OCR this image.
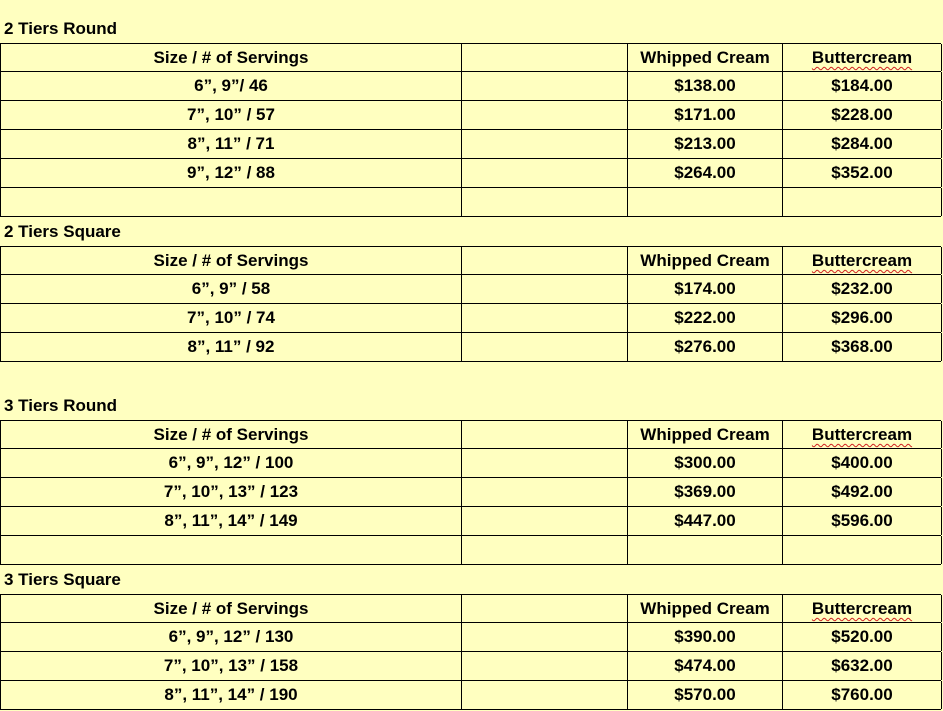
2 Tiers Round
Size / # of Servings	Whipped Cream	Buttercream
6”, 9”/ 46	$138.00	$184.00
7”, 10” / 57	$171.00	$228.00
8”, 11” / 71	$213.00	$284.00
9”, 12” / 88	$264.00	$352.00
2 Tiers Square
Size / # of Servings	Whipped Cream	Buttercream
6”, 9” / 58	$174.00	$232.00
7”, 10” / 74	$222.00	$296.00
8”, 11” / 92	$276.00	$368.00
3 Tiers Round
Size / # of Servings	Whipped Cream	Buttercream
6”, 9”, 12” / 100	$300.00	$400.00
7”, 10”, 13” / 123	$369.00	$492.00
8”, 11”, 14” / 149	$447.00	$596.00
3 Tiers Square
Size / # of Servings	Whipped Cream	Buttercream
6”, 9”, 12” / 130	$390.00	$520.00
7”, 10”, 13” / 158	$474.00	$632.00
8”, 11”, 14” / 190	$570.00	$760.00
